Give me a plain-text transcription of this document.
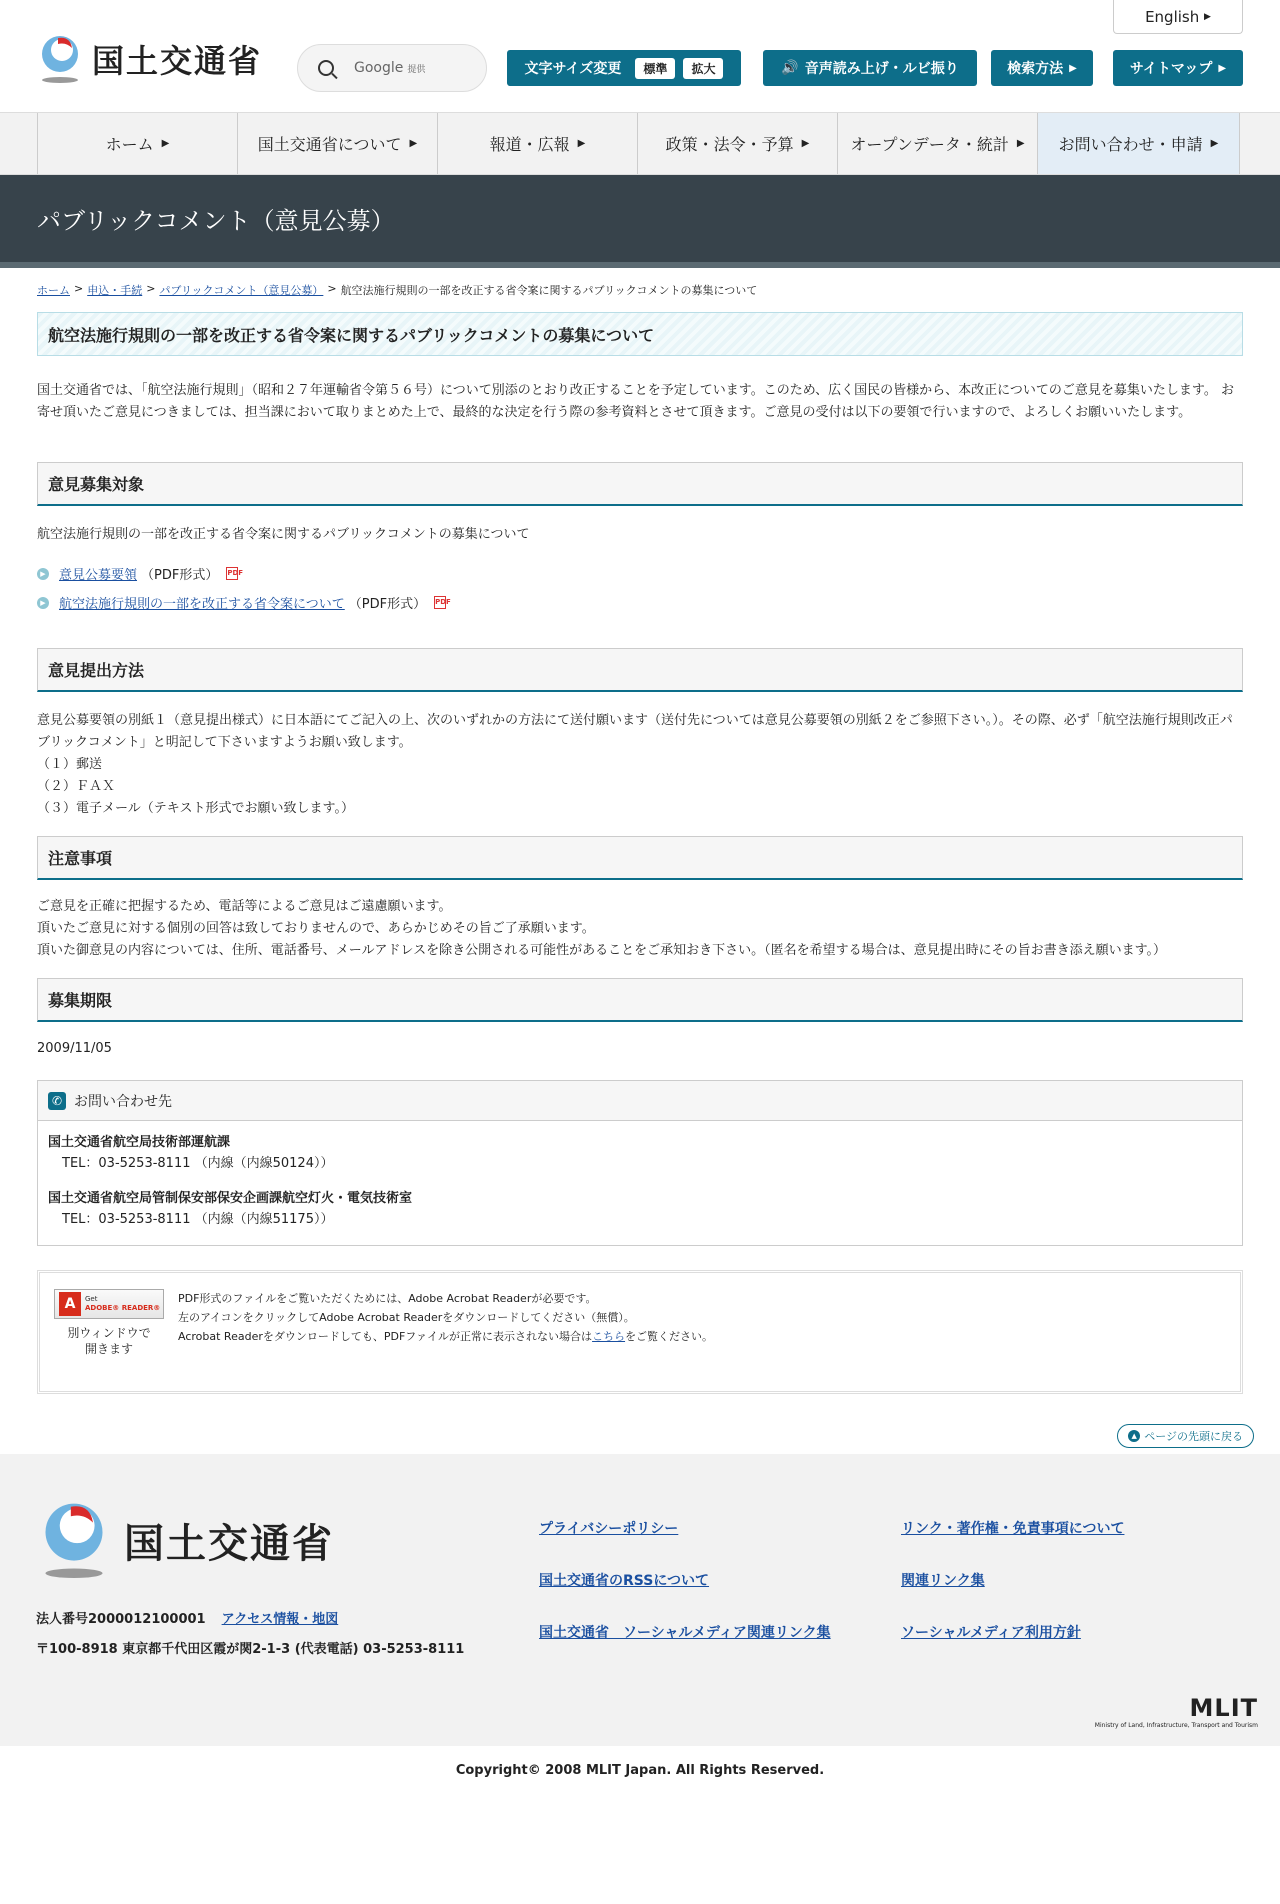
国土交通省	Google 提供
English
▶
文字サイズ変更	標準	拡大	🔊 音声読み上げ・ルビ振り	検索方法 ▶	サイトマップ ▶
ホーム ▶	国土交通省について ▶	報道・広報 ▶	政策・法令・予算 ▶	オープンデータ・統計 ▶ お問い合わせ・申請 ▶
パブリックコメント（意見公募）
ホーム > 申込・手続 > パブリックコメント（意見公募） > 航空法施行規則の一部を改正する省令案に関するパブリックコメントの募集について
航空法施行規則の一部を改正する省令案に関するパブリックコメントの募集について

国土交通省では、「航空法施行規則」（昭和２７年運輸省令第５６号）について別添のとおり改正することを予定しています。このため、広く国民の皆様から、本改正についてのご意見を募集いたします。 お寄せ頂いたご意見につきましては、担当課において取りまとめた上で、最終的な決定を行う際の参考資料とさせて頂きます。ご意見の受付は以下の要領で行いますので、よろしくお願いいたします。

意見募集対象

航空法施行規則の一部を改正する省令案に関するパブリックコメントの募集について

▶ 意見公募要領 （PDF形式） PDF
▶ 航空法施行規則の一部を改正する省令案について （PDF形式） PDF
意見提出方法

意見公募要領の別紙１（意見提出様式）に日本語にてご記入の上、次のいずれかの方法にて送付願います（送付先については意見公募要領の別紙２をご参照下さい。）。その際、必ず「航空法施行規則改正パブリックコメント」と明記して下さいますようお願い致します。

（１）郵送

（２）ＦＡＸ

（３）電子メール（テキスト形式でお願い致します。）

注意事項

ご意見を正確に把握するため、電話等によるご意見はご遠慮願います。

頂いたご意見に対する個別の回答は致しておりませんので、あらかじめその旨ご了承願います。

頂いた御意見の内容については、住所、電話番号、メールアドレスを除き公開される可能性があることをご承知おき下さい。（匿名を希望する場合は、意見提出時にその旨お書き添え願います。）

募集期限

2009/11/05

✆ お問い合わせ先
国土交通省航空局技術部運航課
TEL：03-5253-8111 （内線（内線50124））
国土交通省航空局管制保安部保安企画課航空灯火・電気技術室
TEL：03-5253-8111 （内線（内線51175））
A	Get
ADOBE® READER®
別ウィンドウで
開きます
PDF形式のファイルをご覧いただくためには、Adobe Acrobat Readerが必要です。
左のアイコンをクリックしてAdobe Acrobat Readerをダウンロードしてください（無償）。
Acrobat Readerをダウンロードしても、PDFファイルが正常に表示されない場合はこちらをご覧ください。
▲ ページの先頭に戻る
国土交通省
法人番号2000012100001 アクセス情報・地図
〒100-8918 東京都千代田区霞が関2-1-3 (代表電話) 03-5253-8111
プライバシーポリシー	リンク・著作権・免責事項について
国土交通省のRSSについて	関連リンク集
国土交通省　ソーシャルメディア関連リンク集	ソーシャルメディア利用方針
MLIT
Ministry of Land, Infrastructure, Transport and Tourism
Copyright© 2008 MLIT Japan. All Rights Reserved.
